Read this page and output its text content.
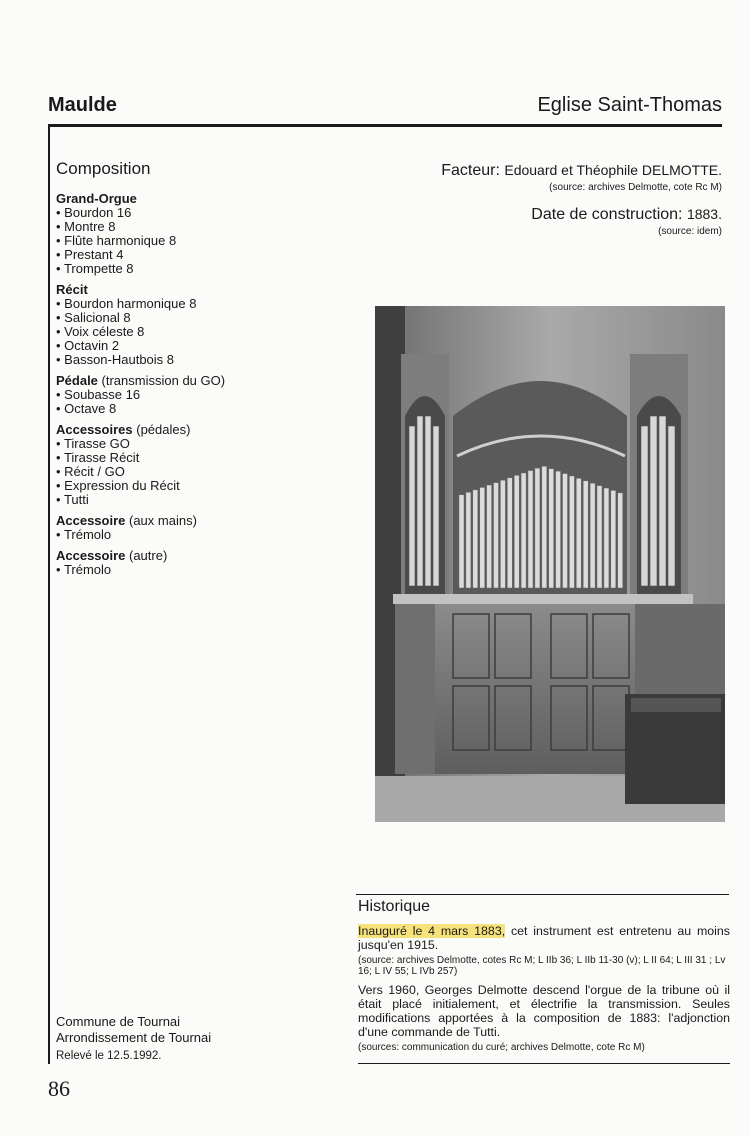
Maulde	Eglise Saint-Thomas
Composition
Grand-Orgue
• Bourdon 16
• Montre 8
• Flûte harmonique 8
• Prestant 4
• Trompette 8
Récit
• Bourdon harmonique 8
• Salicional 8
• Voix céleste 8
• Octavin 2
• Basson-Hautbois 8
Pédale (transmission du GO)
• Soubasse 16
• Octave 8
Accessoires (pédales)
• Tirasse GO
• Tirasse Récit
• Récit / GO
• Expression du Récit
• Tutti
Accessoire (aux mains)
• Trémolo
Accessoire (autre)
• Trémolo
Facteur: Edouard et Théophile DELMOTTE.
(source: archives Delmotte, cote Rc M)
Date de construction: 1883.
(source: idem)
Historique

Inauguré le 4 mars 1883, cet instrument est entretenu au moins jusqu'en 1915.

(source: archives Delmotte, cotes Rc M; L IIb 36; L IIb 11-30 (v); L II 64; L III 31 ; Lv 16; L IV 55; L IVb 257)

Vers 1960, Georges Delmotte descend l'orgue de la tribune où il était placé initialement, et électrifie la transmission. Seules modifications apportées à la composition de 1883: l'adjonction d'une commande de Tutti.

(sources: communication du curé; archives Delmotte, cote Rc M)
Commune de Tournai
Arrondissement de Tournai
Relevé le 12.5.1992.
86
